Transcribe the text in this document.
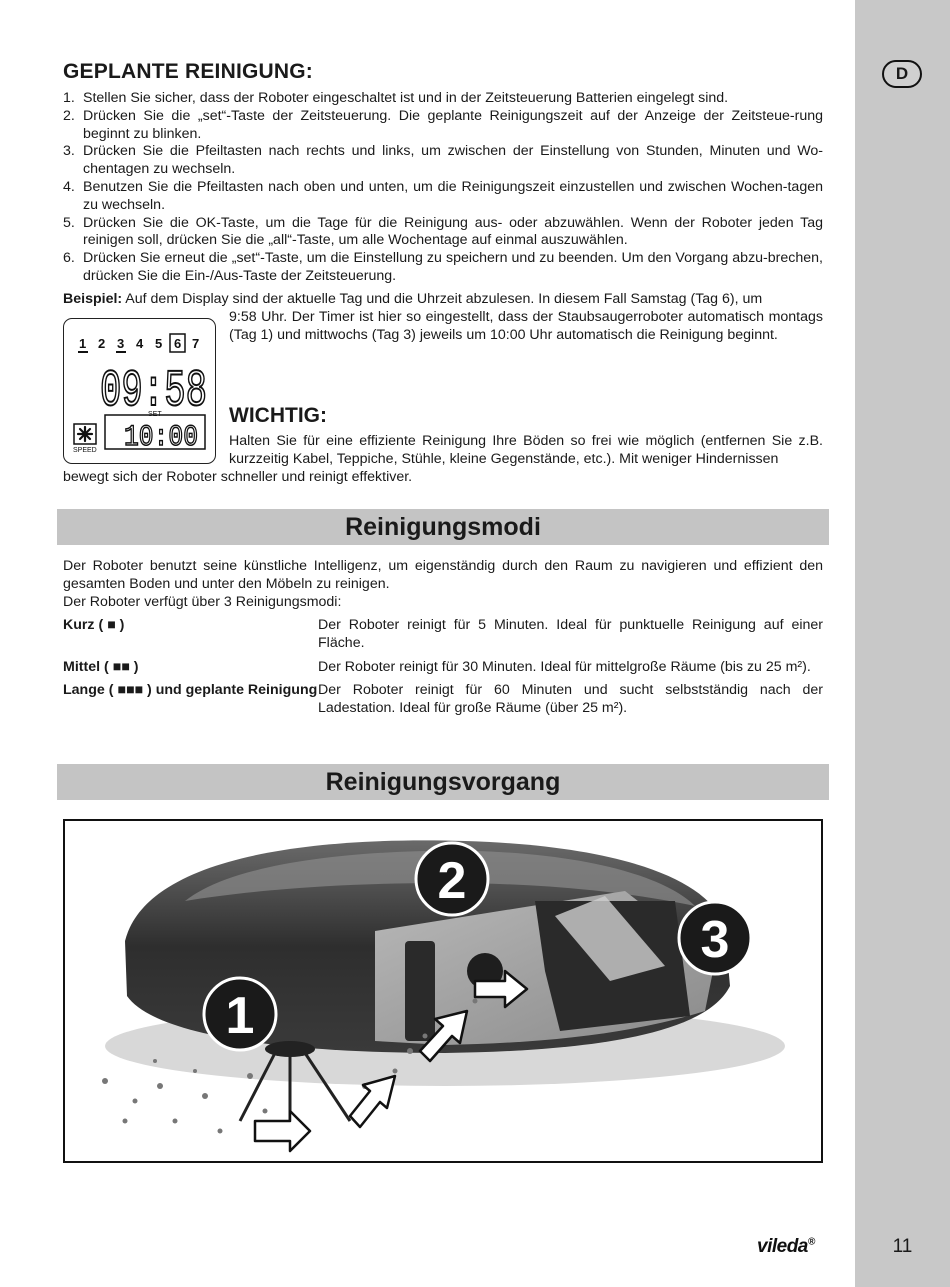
D
11
GEPLANTE REINIGUNG:
1. Stellen Sie sicher, dass der Roboter eingeschaltet ist und in der Zeitsteuerung Batterien eingelegt sind.
2. Drücken Sie die „set“-Taste der Zeitsteuerung. Die geplante Reinigungszeit auf der Anzeige der Zeitsteue-rung beginnt zu blinken.
3. Drücken Sie die Pfeiltasten nach rechts und links, um zwischen der Einstellung von Stunden, Minuten und Wo-chentagen zu wechseln.
4. Benutzen Sie die Pfeiltasten nach oben und unten, um die Reinigungszeit einzustellen und zwischen Wochen-tagen zu wechseln.
5. Drücken Sie die OK-Taste, um die Tage für die Reinigung aus- oder abzuwählen. Wenn der Roboter jeden Tag reinigen soll, drücken Sie die „all“-Taste, um alle Wochentage auf einmal auszuwählen.
6. Drücken Sie erneut die „set“-Taste, um die Einstellung zu speichern und zu beenden. Um den Vorgang abzu-brechen, drücken Sie die Ein-/Aus-Taste der Zeitsteuerung.
Beispiel: Auf dem Display sind der aktuelle Tag und die Uhrzeit abzulesen. In diesem Fall Samstag (Tag 6), um
9:58 Uhr. Der Timer ist hier so eingestellt, dass der Staubsaugerroboter automatisch montags (Tag 1) und mittwochs (Tag 3) jeweils um 10:00 Uhr automatisch die Reinigung beginnt.
1 2 3 4 5 6 7
09:58
SET
10:00
SPEED
WICHTIG:
Halten Sie für eine effiziente Reinigung Ihre Böden so frei wie möglich (entfernen Sie z.B. kurzzeitig Kabel, Teppiche, Stühle, kleine Gegenstände, etc.). Mit weniger Hindernissen
bewegt sich der Roboter schneller und reinigt effektiver.
Reinigungsmodi
Der Roboter benutzt seine künstliche Intelligenz, um eigenständig durch den Raum zu navigieren und effizient den gesamten Boden und unter den Möbeln zu reinigen.
Der Roboter verfügt über 3 Reinigungsmodi:
Kurz ( ■ )	Der Roboter reinigt für 5 Minuten. Ideal für punktuelle Reinigung auf einer Fläche.
Mittel ( ■■ )	Der Roboter reinigt für 30 Minuten. Ideal für mittelgroße Räume (bis zu 25 m²).
Lange ( ■■■ ) und geplante Reinigung Der Roboter reinigt für 60 Minuten und sucht selbstständig nach der Ladestation. Ideal für große Räume (über 25 m²).
Reinigungsvorgang
1
2
3
vileda®
